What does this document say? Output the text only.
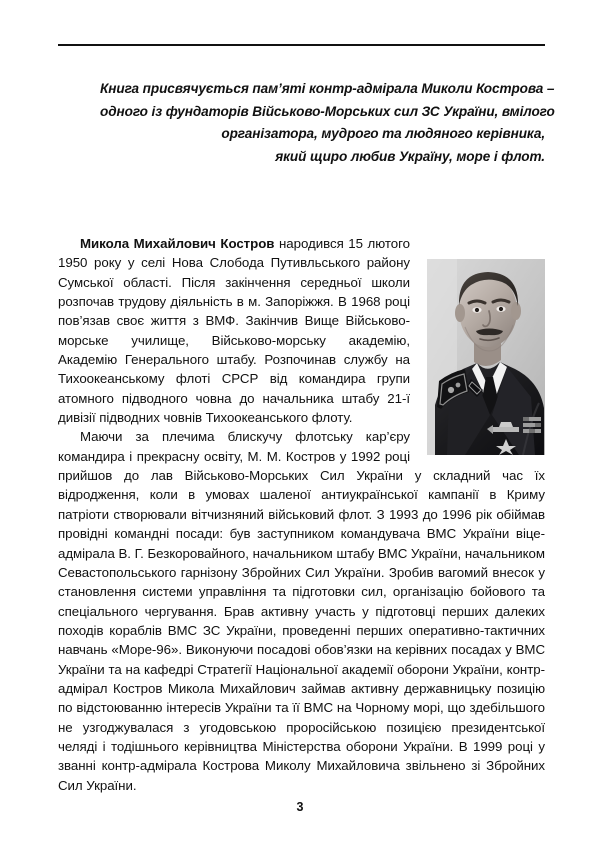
Книга присвячується пам’яті контр-адмірала Миколи Кострова –
одного із фундаторів Військово-Морських сил ЗС України, вмілого
організатора, мудрого та людяного керівника,
який щиро любив Україну, море і флот.

Микола Михайлович Костров народився 15 лютого 1950 року у селі Нова Слобода Путивльського району Сумської області. Після закінчення середньої школи розпочав трудову діяльність в м. Запоріжжя. В 1968 році пов’язав своє життя з ВМФ. Закінчив Вище Військово-морське училище, Військово-морську академію, Академію Генерального штабу. Розпочинав службу на Тихоокеанському флоті СРСР від командира групи атомного підводного човна до начальника штабу 21-ї дивізії підводних човнів Тихоокеанського флоту.

Маючи за плечима блискучу флотську кар’єру командира і прекрасну освіту, М. М. Костров у 1992 році прийшов до лав Військово-Морських Сил України у складний час їх відродження, коли в умовах шаленої антиукраїнської кампанії в Криму патріоти створювали вітчизняний військовий флот. З 1993 до 1996 рік обіймав провідні командні посади: був заступником командувача ВМС України віце-адмірала В. Г. Безкоровайного, начальником штабу ВМС України, начальником Севастопольського гарнізону Збройних Сил України. Зробив вагомий внесок у становлення системи управління та підготовки сил, організацію бойового та спеціального чергування. Брав активну участь у підготовці перших далеких походів кораблів ВМС ЗС України, проведенні перших оперативно-тактичних навчань «Море-96». Виконуючи посадові обов’язки на керівних посадах у ВМС України та на кафедрі Стратегії Національної академії оборони України, контр-адмірал Костров Микола Михайлович займав активну державницьку позицію по відстоюванню інтересів України та її ВМС на Чорному морі, що здебільшого не узгоджувалася з угодовською проросійською позицією президентської челяді і тодішнього керівництва Міністерства оборони України. В 1999 році у званні контр-адмірала Кострова Миколу Михайловича звільнено зі Збройних Сил України.

3
